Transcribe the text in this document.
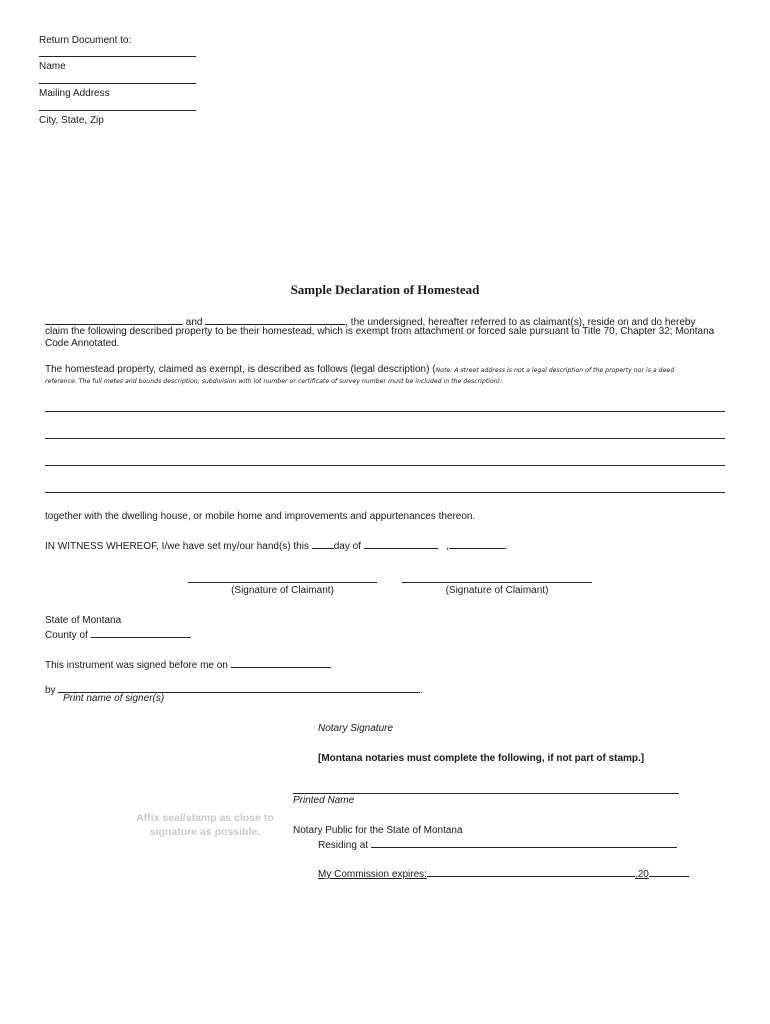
Return Document to:
Name
Mailing Address
City, State, Zip
Sample Declaration of Homestead
and	, the undersigned, hereafter referred to as claimant(s), reside on and do hereby
claim the following described property to be their homestead, which is exempt from attachment or forced sale pursuant to Title 70, Chapter 32; Montana
Code Annotated.
The homestead property, claimed as exempt, is described as follows (legal description) (Note: A street address is not a legal description of the property nor is a deed
reference. The full metes and bounds description; subdivision with lot number or certificate of survey number must be included in the description):
together with the dwelling house, or mobile home and improvements and appurtenances thereon.
IN WITNESS WHEREOF, I/we have set my/our hand(s) this day of	,	.
(Signature of Claimant)	(Signature of Claimant)
State of Montana
County of
This instrument was signed before me on
by	.
Print name of signer(s)
Notary Signature
[Montana notaries must complete the following, if not part of stamp.]
Printed Name
Affix seal/stamp as close to
signature as possible.	Notary Public for the State of Montana
Residing at
My Commission expires:	,20
